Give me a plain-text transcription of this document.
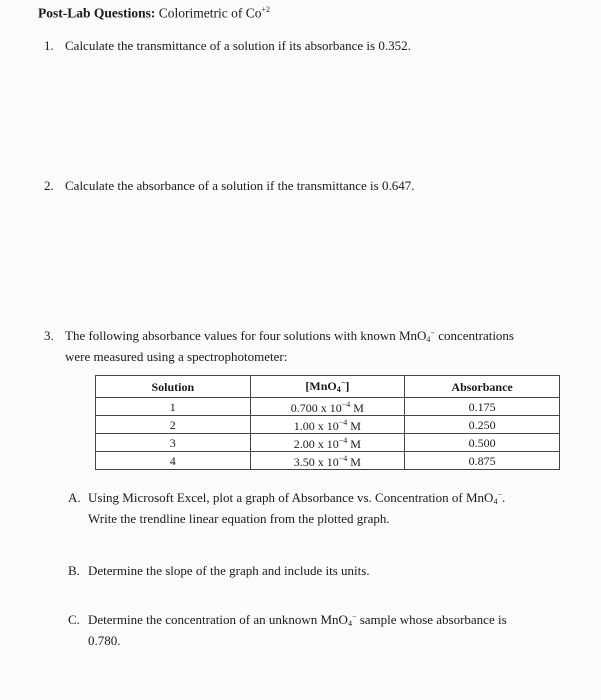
Post-Lab Questions: Colorimetric of $Co^{+2}$
1. Calculate the transmittance of a solution if its absorbance is 0.352.
2. Calculate the absorbance of a solution if the transmittance is 0.647.
3. The following absorbance values for four solutions with known MnO$_4$− concentrations
were measured using a spectrophotometer:
Solution	[MnO$_4$−]	Absorbance
1	0.700 x $10^{-4}$ M	0.175
2	1.00 x $10^{-4}$ M	0.250
3	2.00 x $10^{-4}$ M	0.500
4	3.50 x $10^{-4}$ M	0.875
A. Using Microsoft Excel, plot a graph of Absorbance vs. Concentration of MnO$_4$−.
Write the trendline linear equation from the plotted graph.
B. Determine the slope of the graph and include its units.
C. Determine the concentration of an unknown MnO$_4$− sample whose absorbance is
0.780.
